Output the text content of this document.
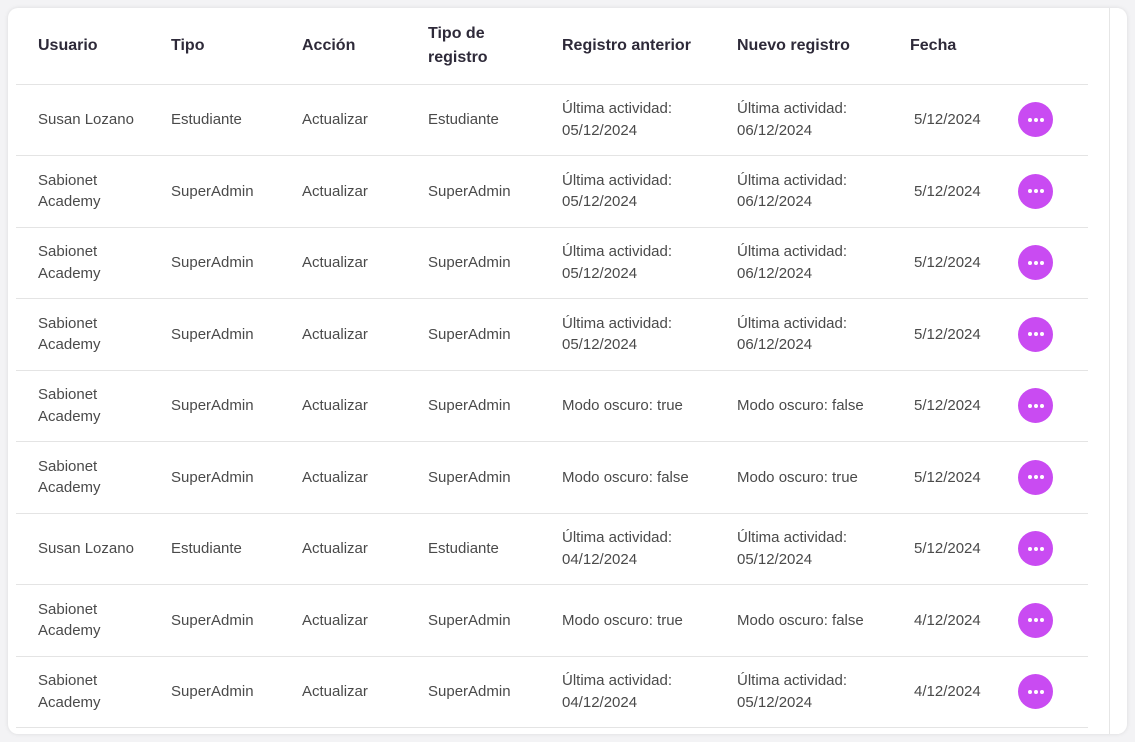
Usuario	Tipo	Acción	Tipo de registro	Registro anterior	Nuevo registro	Fecha	

Susan Lozano	Estudiante	Actualizar	Estudiante	Última actividad: 05/12/2024	Última actividad: 06/12/2024	5/12/2024

Sabionet Academy	SuperAdmin	Actualizar	SuperAdmin	Última actividad: 05/12/2024	Última actividad: 06/12/2024	5/12/2024

Sabionet Academy	SuperAdmin	Actualizar	SuperAdmin	Última actividad: 05/12/2024	Última actividad: 06/12/2024	5/12/2024

Sabionet Academy	SuperAdmin	Actualizar	SuperAdmin	Última actividad: 05/12/2024	Última actividad: 06/12/2024	5/12/2024

Sabionet Academy	SuperAdmin	Actualizar	SuperAdmin	Modo oscuro: true	Modo oscuro: false	5/12/2024

Sabionet Academy	SuperAdmin	Actualizar	SuperAdmin	Modo oscuro: false	Modo oscuro: true	5/12/2024

Susan Lozano	Estudiante	Actualizar	Estudiante	Última actividad: 04/12/2024	Última actividad: 05/12/2024	5/12/2024

Sabionet Academy	SuperAdmin	Actualizar	SuperAdmin	Modo oscuro: true	Modo oscuro: false	4/12/2024

Sabionet Academy	SuperAdmin	Actualizar	SuperAdmin	Última actividad: 04/12/2024	Última actividad: 05/12/2024	4/12/2024
